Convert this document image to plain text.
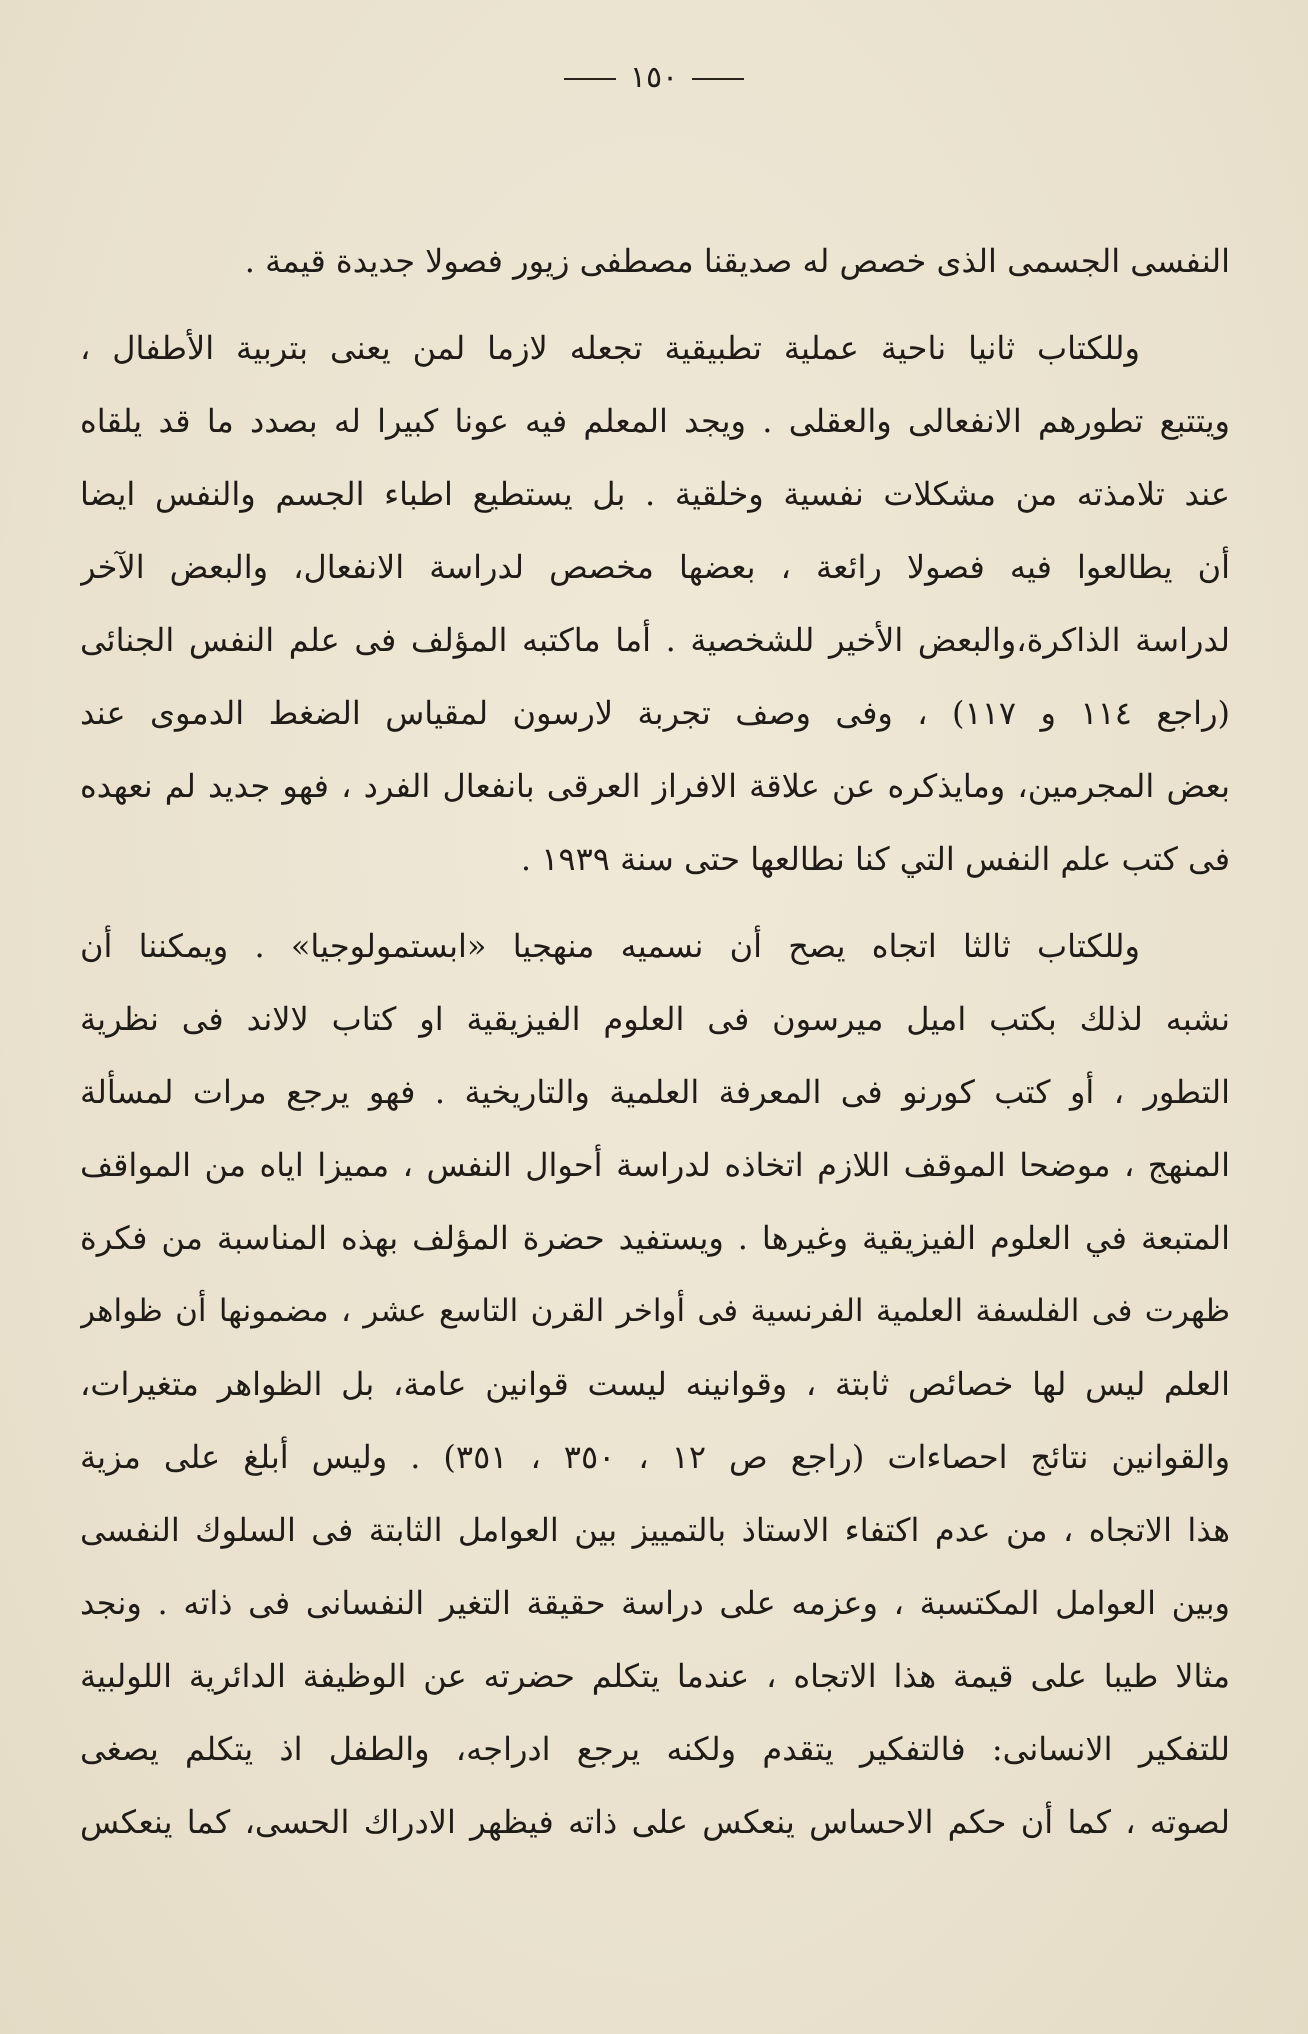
١٥٠
النفسى الجسمى الذى خصص له صديقنا مصطفى زيور فصولا جديدة قيمة .
وللكتاب ثانيا ناحية عملية تطبيقية تجعله لازما لمن يعنى بتربية الأطفال ،
ويتتبع تطورهم الانفعالى والعقلى . ويجد المعلم فيه عونا كبيرا له بصدد ما قد يلقاه
عند تلامذته من مشكلات نفسية وخلقية . بل يستطيع اطباء الجسم والنفس ايضا
أن يطالعوا فيه فصولا رائعة ، بعضها مخصص لدراسة الانفعال، والبعض الآخر
لدراسة الذاكرة،والبعض الأخير للشخصية . أما ماكتبه المؤلف فى علم النفس الجنائى
(راجع ١١٤ و ١١٧) ، وفى وصف تجربة لارسون لمقياس الضغط الدموى عند
بعض المجرمين، ومايذكره عن علاقة الافراز العرقى بانفعال الفرد ، فهو جديد لم نعهده
فى كتب علم النفس التي كنا نطالعها حتى سنة ١٩٣٩ .
وللكتاب ثالثا اتجاه يصح أن نسميه منهجيا «ابستمولوجيا» . ويمكننا أن
نشبه لذلك بكتب اميل ميرسون فى العلوم الفيزيقية او كتاب لالاند فى نظرية
التطور ، أو كتب كورنو فى المعرفة العلمية والتاريخية . فهو يرجع مرات لمسألة
المنهج ، موضحا الموقف اللازم اتخاذه لدراسة أحوال النفس ، مميزا اياه من المواقف
المتبعة في العلوم الفيزيقية وغيرها . ويستفيد حضرة المؤلف بهذه المناسبة من فكرة
ظهرت فى الفلسفة العلمية الفرنسية فى أواخر القرن التاسع عشر ، مضمونها أن ظواهر
العلم ليس لها خصائص ثابتة ، وقوانينه ليست قوانين عامة، بل الظواهر متغيرات،
والقوانين نتائج احصاءات (راجع ص ١٢ ، ٣٥٠ ، ٣٥١) . وليس أبلغ على مزية
هذا الاتجاه ، من عدم اكتفاء الاستاذ بالتمييز بين العوامل الثابتة فى السلوك النفسى
وبين العوامل المكتسبة ، وعزمه على دراسة حقيقة التغير النفسانى فى ذاته . ونجد
مثالا طيبا على قيمة هذا الاتجاه ، عندما يتكلم حضرته عن الوظيفة الدائرية اللولبية
للتفكير الانسانى: فالتفكير يتقدم ولكنه يرجع ادراجه، والطفل اذ يتكلم يصغى
لصوته ، كما أن حكم الاحساس ينعكس على ذاته فيظهر الادراك الحسى، كما ينعكس
